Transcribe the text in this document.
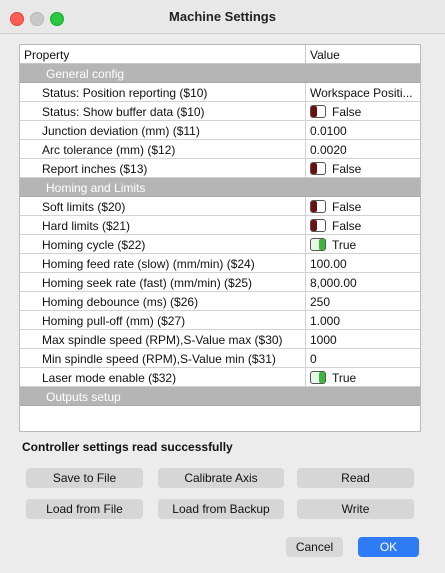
Machine Settings
Property	Value
General config
Status: Position reporting ($10)	Workspace Positi...
Status: Show buffer data ($10)	False
Junction deviation (mm) ($11)	0.0100
Arc tolerance (mm) ($12)	0.0020
Report inches ($13)	False
Homing and Limits
Soft limits ($20)	False
Hard limits ($21)	False
Homing cycle ($22)	True
Homing feed rate (slow) (mm/min) ($24)	100.00
Homing seek rate (fast) (mm/min) ($25)	8,000.00
Homing debounce (ms) ($26)	250
Homing pull-off (mm) ($27)	1.000
Max spindle speed (RPM),S-Value max ($30) 1000
Min spindle speed (RPM),S-Value min ($31)	0
Laser mode enable ($32)	True
Outputs setup
Controller settings read successfully
Save to File	Calibrate Axis	Read
Load from File	Load from Backup	Write
Cancel	OK
